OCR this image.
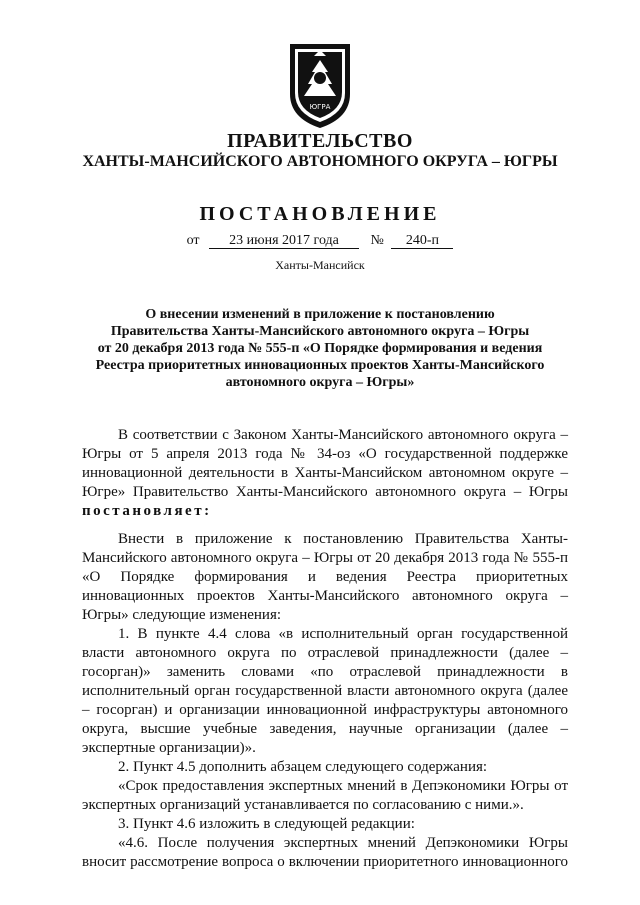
ЮГРА
ПРАВИТЕЛЬСТВО
ХАНТЫ-МАНСИЙСКОГО АВТОНОМНОГО ОКРУГА – ЮГРЫ
ПОСТАНОВЛЕНИЕ
от 23 июня 2017 года № 240-п
Ханты-Мансийск
О внесении изменений в приложение к постановлению
Правительства Ханты-Мансийского автономного округа – Югры
от 20 декабря 2013 года № 555-п «О Порядке формирования и ведения
Реестра приоритетных инновационных проектов Ханты-Мансийского
автономного округа – Югры»

В соответствии с Законом Ханты-Мансийского автономного округа – Югры от 5 апреля 2013 года № 34-оз «О государственной поддержке инновационной деятельности в Ханты-Мансийском автономном округе – Югре» Правительство Ханты-Мансийского автономного округа – Югры

постановляет:

Внести в приложение к постановлению Правительства Ханты-Мансийского автономного округа – Югры от 20 декабря 2013 года № 555-п «О Порядке формирования и ведения Реестра приоритетных инновационных проектов Ханты-Мансийского автономного округа – Югры» следующие изменения:

1. В пункте 4.4 слова «в исполнительный орган государственной власти автономного округа по отраслевой принадлежности (далее – госорган)» заменить словами «по отраслевой принадлежности в исполнительный орган государственной власти автономного округа (далее – госорган) и организации инновационной инфраструктуры автономного округа, высшие учебные заведения, научные организации (далее – экспертные организации)».

2. Пункт 4.5 дополнить абзацем следующего содержания:

«Срок предоставления экспертных мнений в Депэкономики Югры от экспертных организаций устанавливается по согласованию с ними.».

3. Пункт 4.6 изложить в следующей редакции:

«4.6. После получения экспертных мнений Депэкономики Югры вносит рассмотрение вопроса о включении приоритетного инновационного
